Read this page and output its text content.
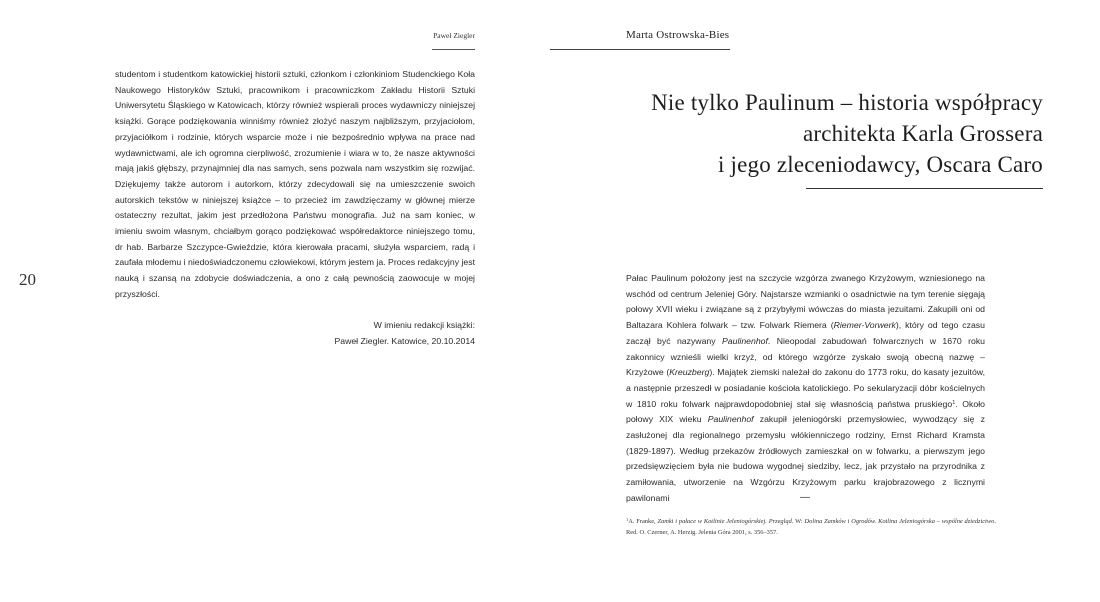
Paweł Ziegler
20

studentom i studentkom katowickiej historii sztuki, członkom i członkiniom Studenckiego Koła Naukowego Historyków Sztuki, pracownikom i pracowniczkom Zakładu Historii Sztuki Uniwersytetu Śląskiego w Katowicach, którzy również wspierali proces wydawniczy niniejszej książki. Gorące podziękowania winniśmy również złożyć naszym najbliższym, przyjaciołom, przyjaciółkom i rodzinie, których wsparcie może i nie bezpośrednio wpływa na prace nad wydawnictwami, ale ich ogromna cierpliwość, zrozumienie i wiara w to, że nasze aktywności mają jakiś głębszy, przynajmniej dla nas samych, sens pozwala nam wszystkim się rozwijać. Dziękujemy także autorom i autorkom, którzy zdecydowali się na umieszczenie swoich autorskich tekstów w niniejszej książce – to przecież im zawdzięczamy w głównej mierze ostateczny rezultat, jakim jest przedłożona Państwu monografia. Już na sam koniec, w imieniu swoim własnym, chciałbym gorąco podziękować współredaktorce niniejszego tomu, dr hab. Barbarze Szczypce-Gwieździe, która kierowała pracami, służyła wsparciem, radą i zaufała młodemu i niedoświadczonemu człowiekowi, którym jestem ja. Proces redakcyjny jest nauką i szansą na zdobycie doświadczenia, a ono z całą pewnością zaowocuje w mojej przyszłości.

W imieniu redakcji książki:
Paweł Ziegler. Katowice, 20.10.2014
Marta Ostrowska-Bies
Nie tylko Paulinum – historia współpracy
architekta Karla Grossera
i jego zleceniodawcy, Oscara Caro

Pałac Paulinum położony jest na szczycie wzgórza zwanego Krzyżowym, wzniesionego na wschód od centrum Jeleniej Góry. Najstarsze wzmianki o osadnictwie na tym terenie sięgają połowy XVII wieku i związane są z przybyłymi wówczas do miasta jezuitami. Zakupili oni od Baltazara Kohlera folwark – tzw. Folwark Riemera (Riemer-Vorwerk), który od tego czasu zaczął być nazywany Paulinenhof. Nieopodal zabudowań folwarcznych w 1670 roku zakonnicy wznieśli wielki krzyż, od którego wzgórze zyskało swoją obecną nazwę – Krzyżowe (Kreuzberg). Majątek ziemski należał do zakonu do 1773 roku, do kasaty jezuitów, a następnie przeszedł w posiadanie kościoła katolickiego. Po sekularyzacji dóbr kościelnych w 1810 roku folwark najprawdopodobniej stał się własnością państwa pruskiego$^1$. Około połowy XIX wieku Paulinenhof zakupił jeleniogórski przemysłowiec, wywodzący się z zasłużonej dla regionalnego przemysłu włókienniczego rodziny, Ernst Richard Kramsta (1829-1897). Według przekazów źródłowych zamieszkał on w folwarku, a pierwszym jego przedsięwzięciem była nie budowa wygodnej siedziby, lecz, jak przystało na przyrodnika z zamiłowania, utworzenie na Wzgórzu Krzyżowym parku krajobrazowego z licznymi pawilonami	—

$^1$A. Franke, Zamki i pałace w Kotlinie Jeleniogórskiej. Przegląd. W: Dolina Zamków i Ogrodów. Kotlina Jeleniogórska – wspólne dziedzictwo. Red. O. Czerner, A. Herzig. Jelenia Góra 2001, s. 356–357.
